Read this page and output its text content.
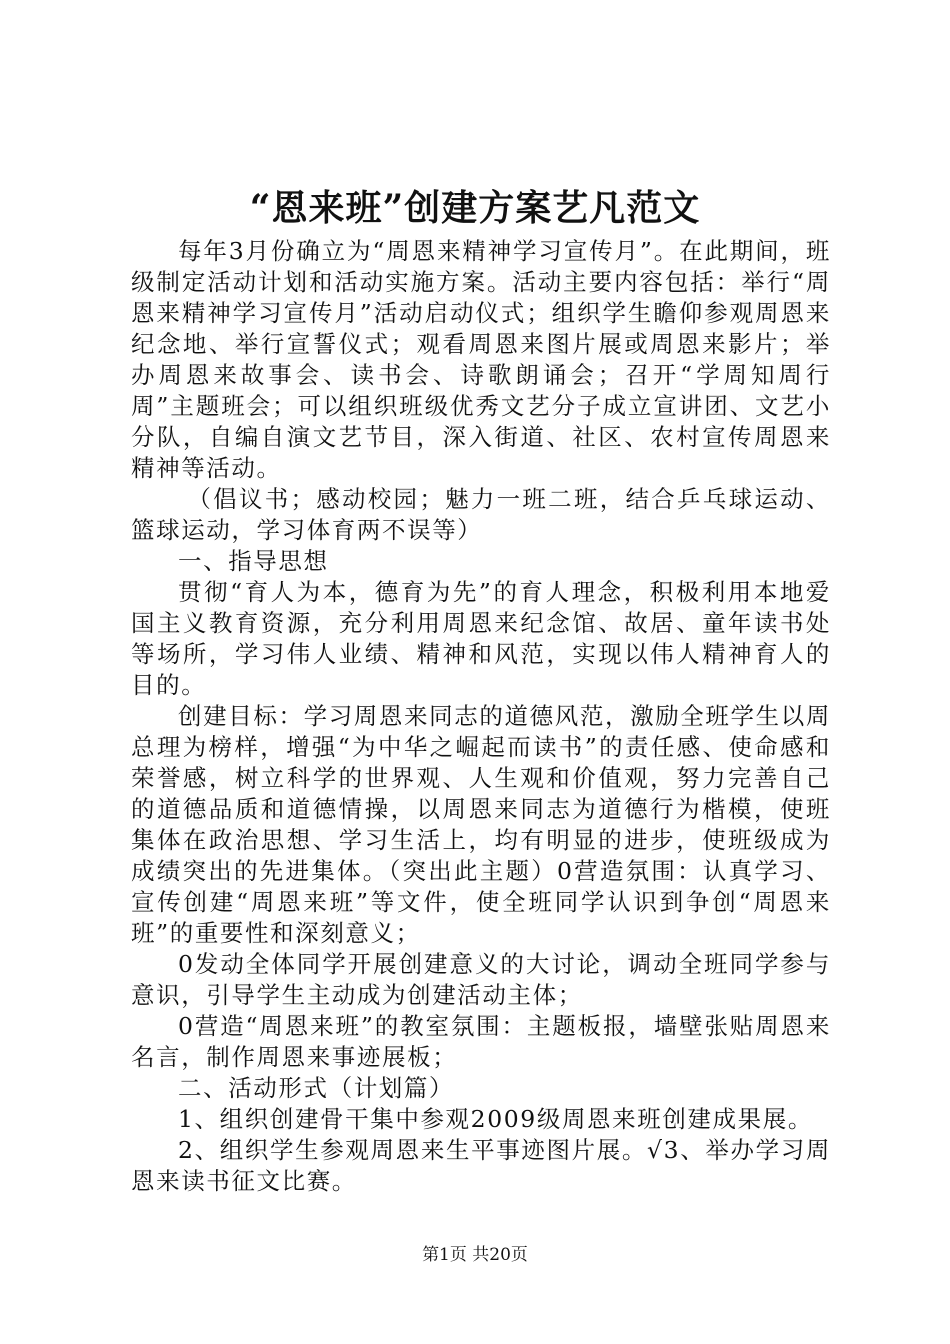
“恩来班”创建方案艺凡范文

每年3月份确立为“周恩来精神学习宣传月”。在此期间，班级制定活动计划和活动实施方案。活动主要内容包括：举行“周恩来精神学习宣传月”活动启动仪式；组织学生瞻仰参观周恩来纪念地、举行宣誓仪式；观看周恩来图片展或周恩来影片；举办周恩来故事会、读书会、诗歌朗诵会；召开“学周知周行周”主题班会；可以组织班级优秀文艺分子成立宣讲团、文艺小分队，自编自演文艺节目，深入街道、社区、农村宣传周恩来精神等活动。

（倡议书；感动校园；魅力一班二班，结合乒乓球运动、篮球运动，学习体育两不误等）

一、指导思想

贯彻“育人为本，德育为先”的育人理念，积极利用本地爱国主义教育资源，充分利用周恩来纪念馆、故居、童年读书处等场所，学习伟人业绩、精神和风范，实现以伟人精神育人的目的。

创建目标：学习周恩来同志的道德风范，激励全班学生以周总理为榜样，增强“为中华之崛起而读书”的责任感、使命感和荣誉感，树立科学的世界观、人生观和价值观，努力完善自己的道德品质和道德情操，以周恩来同志为道德行为楷模，使班集体在政治思想、学习生活上，均有明显的进步，使班级成为成绩突出的先进集体。（突出此主题）0营造氛围：认真学习、宣传创建“周恩来班”等文件，使全班同学认识到争创“周恩来班”的重要性和深刻意义；

0发动全体同学开展创建意义的大讨论，调动全班同学参与意识，引导学生主动成为创建活动主体；

0营造“周恩来班”的教室氛围：主题板报，墙壁张贴周恩来名言，制作周恩来事迹展板；

二、活动形式（计划篇）

1、组织创建骨干集中参观2009级周恩来班创建成果展。

2、组织学生参观周恩来生平事迹图片展。√3、举办学习周恩来读书征文比赛。

第1页 共20页
